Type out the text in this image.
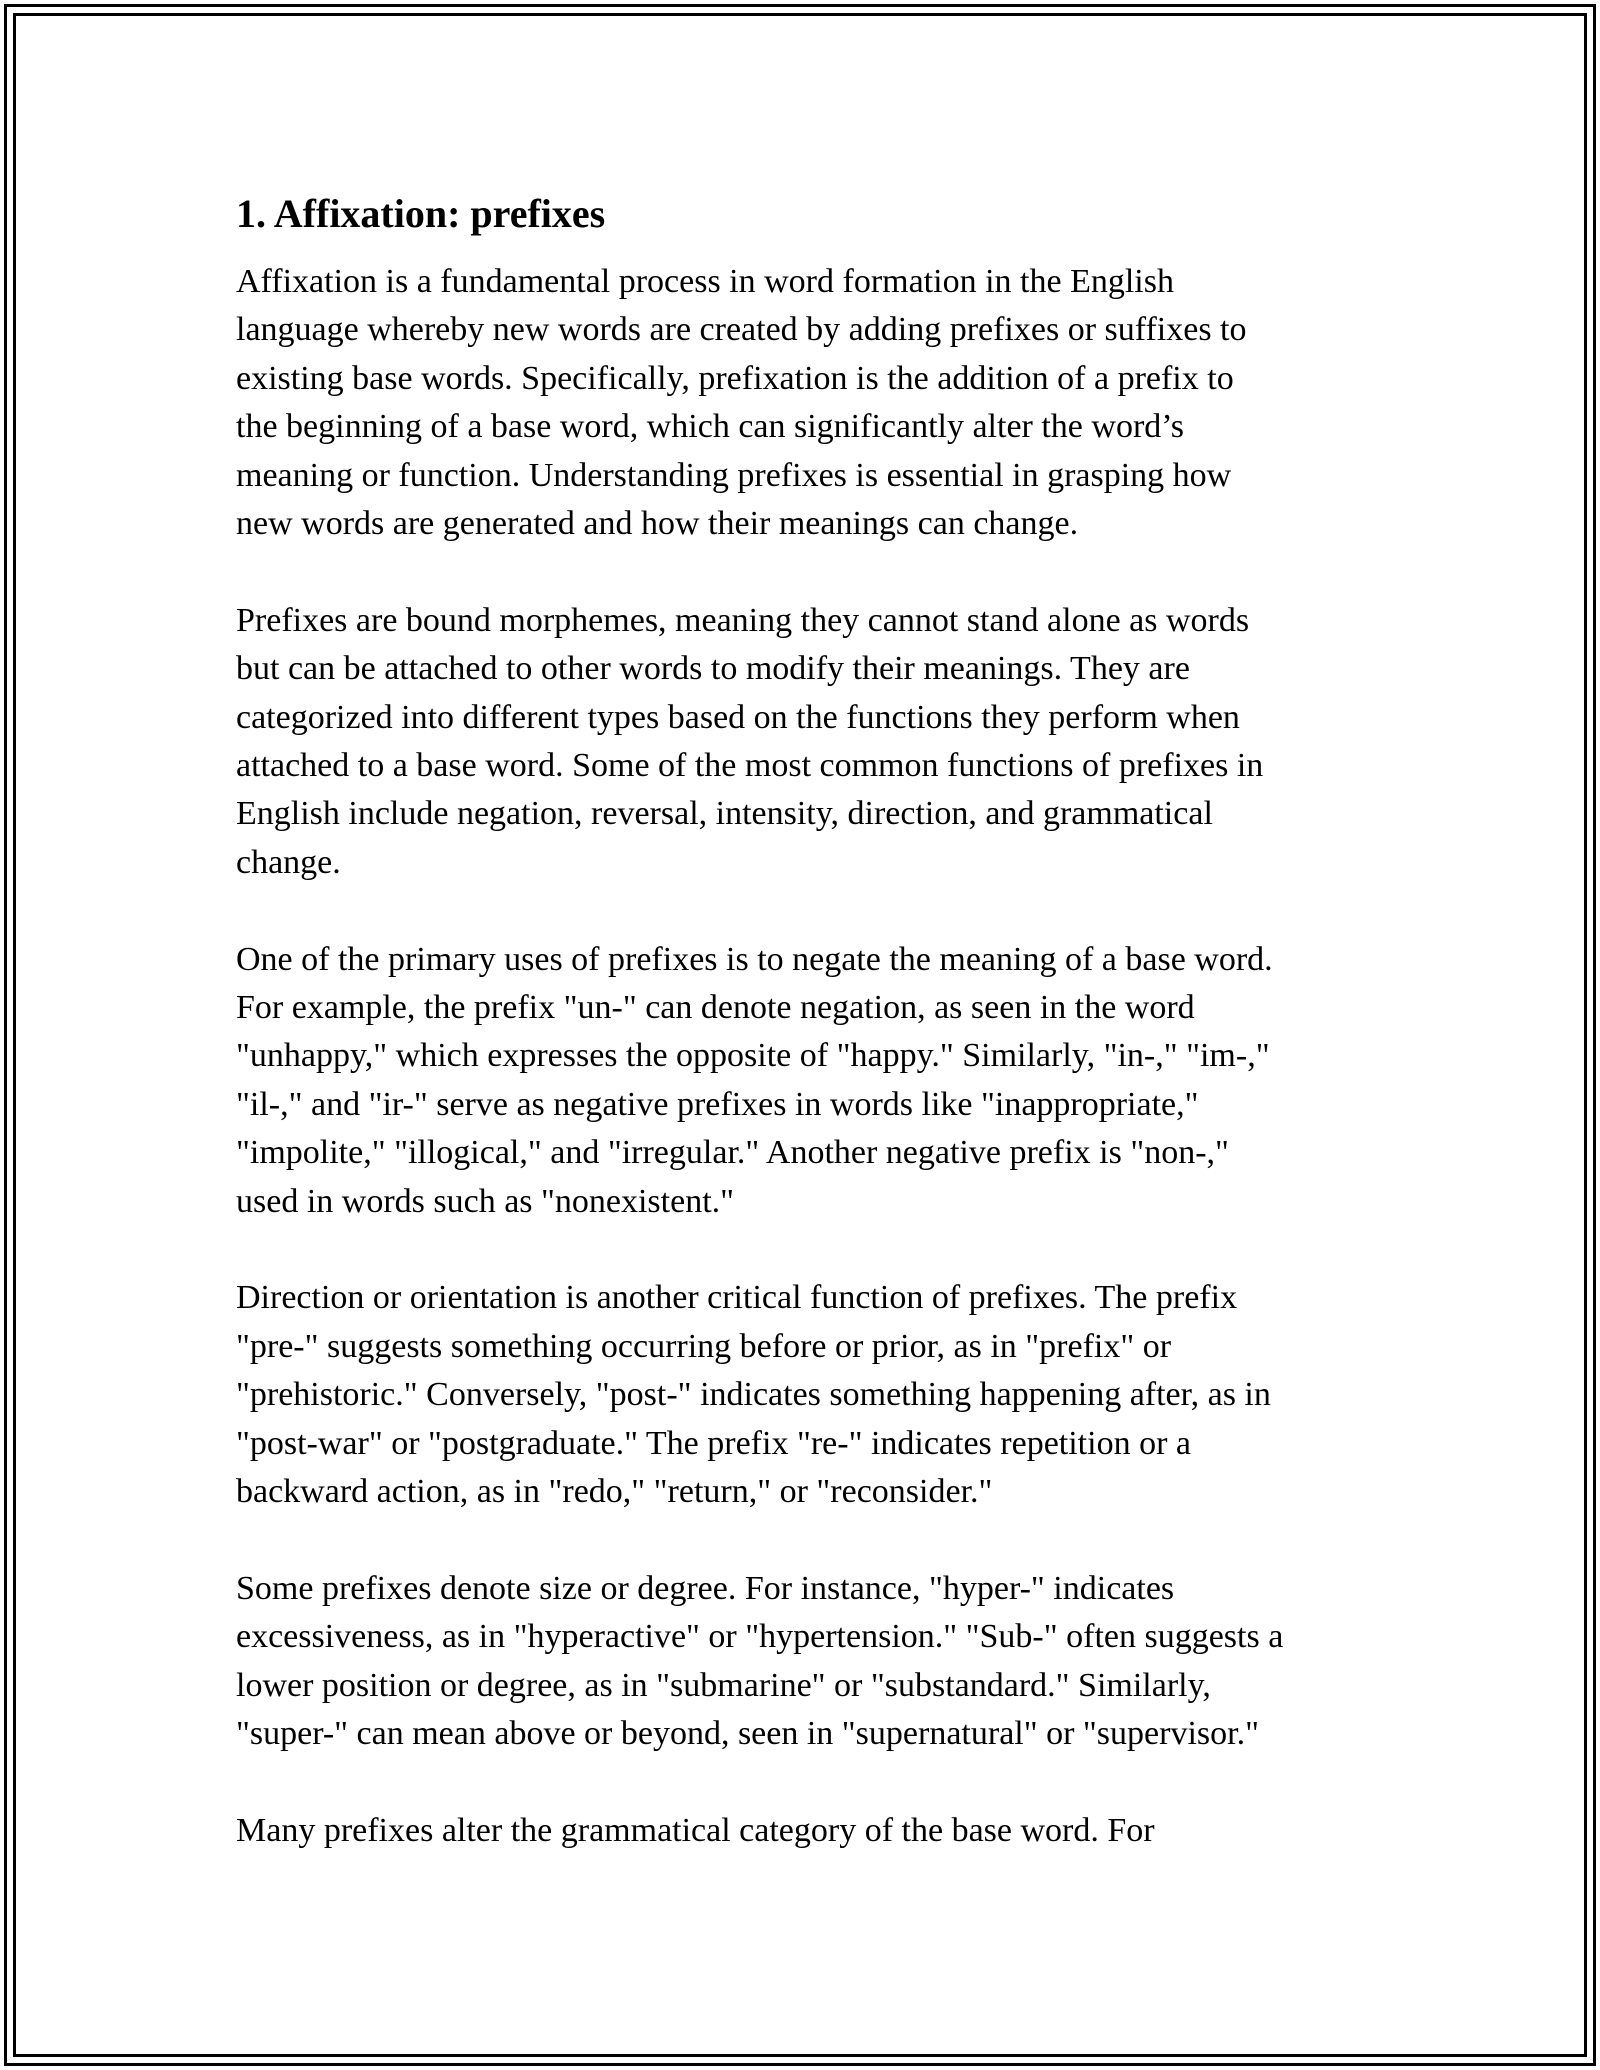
1. Affixation: prefixes
Affixation is a fundamental process in word formation in the English
language whereby new words are created by adding prefixes or suffixes to
existing base words. Specifically, prefixation is the addition of a prefix to
the beginning of a base word, which can significantly alter the word’s
meaning or function. Understanding prefixes is essential in grasping how
new words are generated and how their meanings can change.
Prefixes are bound morphemes, meaning they cannot stand alone as words
but can be attached to other words to modify their meanings. They are
categorized into different types based on the functions they perform when
attached to a base word. Some of the most common functions of prefixes in
English include negation, reversal, intensity, direction, and grammatical
change.
One of the primary uses of prefixes is to negate the meaning of a base word.
For example, the prefix "un-" can denote negation, as seen in the word
"unhappy," which expresses the opposite of "happy." Similarly, "in-," "im-,"
"il-," and "ir-" serve as negative prefixes in words like "inappropriate,"
"impolite," "illogical," and "irregular." Another negative prefix is "non-,"
used in words such as "nonexistent."
Direction or orientation is another critical function of prefixes. The prefix
"pre-" suggests something occurring before or prior, as in "prefix" or
"prehistoric." Conversely, "post-" indicates something happening after, as in
"post-war" or "postgraduate." The prefix "re-" indicates repetition or a
backward action, as in "redo," "return," or "reconsider."
Some prefixes denote size or degree. For instance, "hyper-" indicates
excessiveness, as in "hyperactive" or "hypertension." "Sub-" often suggests a
lower position or degree, as in "submarine" or "substandard." Similarly,
"super-" can mean above or beyond, seen in "supernatural" or "supervisor."
Many prefixes alter the grammatical category of the base word. For
